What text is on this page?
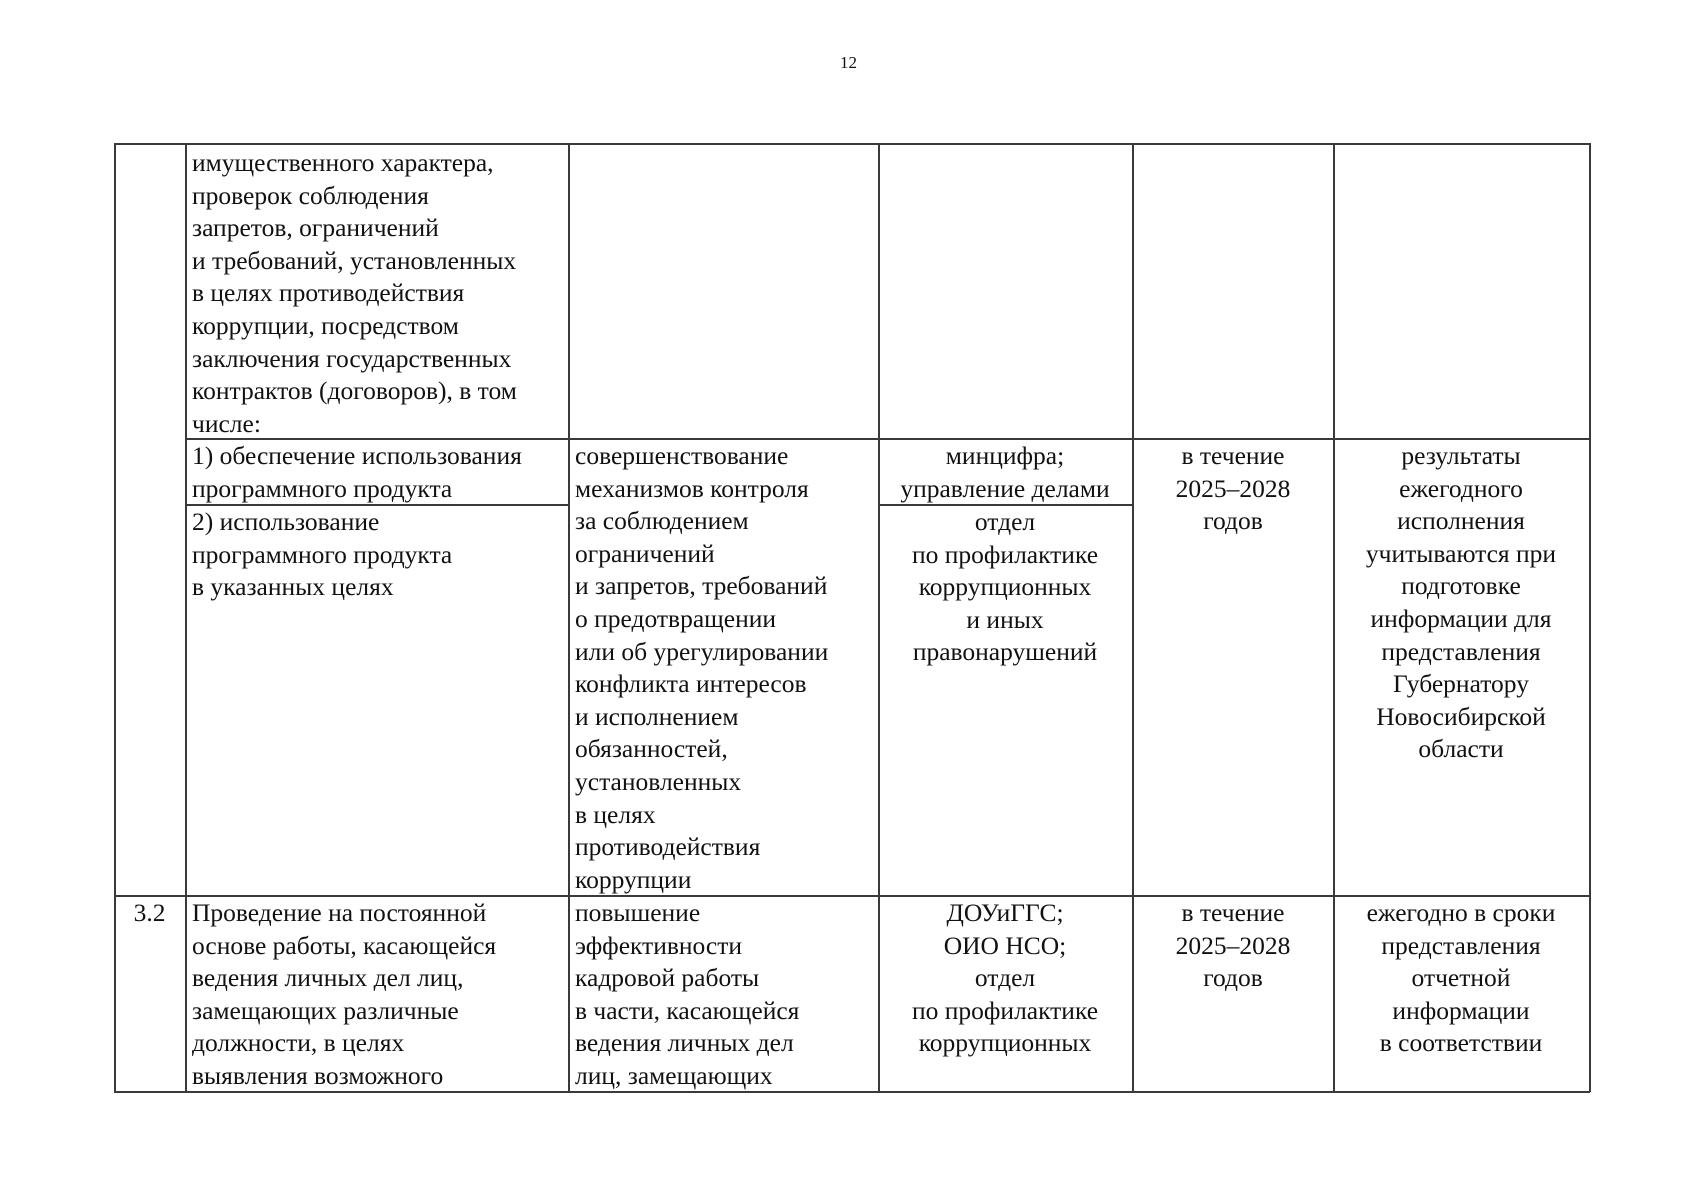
12
имущественного характера,
проверок соблюдения
запретов, ограничений
и требований, установленных
в целях противодействия
коррупции, посредством
заключения государственных
контрактов (договоров), в том
числе:
1) обеспечение использования
программного продукта
2) использование
программного продукта
в указанных целях
совершенствование
механизмов контроля
за соблюдением
ограничений
и запретов, требований
о предотвращении
или об урегулировании
конфликта интересов
и исполнением
обязанностей,
установленных
в целях
противодействия
коррупции
минцифра;
управление делами
отдел
по профилактике
коррупционных
и иных
правонарушений
в течение
2025–2028
годов
результаты
ежегодного
исполнения
учитываются при
подготовке
информации для
представления
Губернатору
Новосибирской
области
3.2 Проведение на постоянной
основе работы, касающейся
ведения личных дел лиц,
замещающих различные
должности, в целях
выявления возможного
повышение
эффективности
кадровой работы
в части, касающейся
ведения личных дел
лиц, замещающих
ДОУиГГС;
ОИО НСО;
отдел
по профилактике
коррупционных
в течение
2025–2028
годов
ежегодно в сроки
представления
отчетной
информации
в соответствии
